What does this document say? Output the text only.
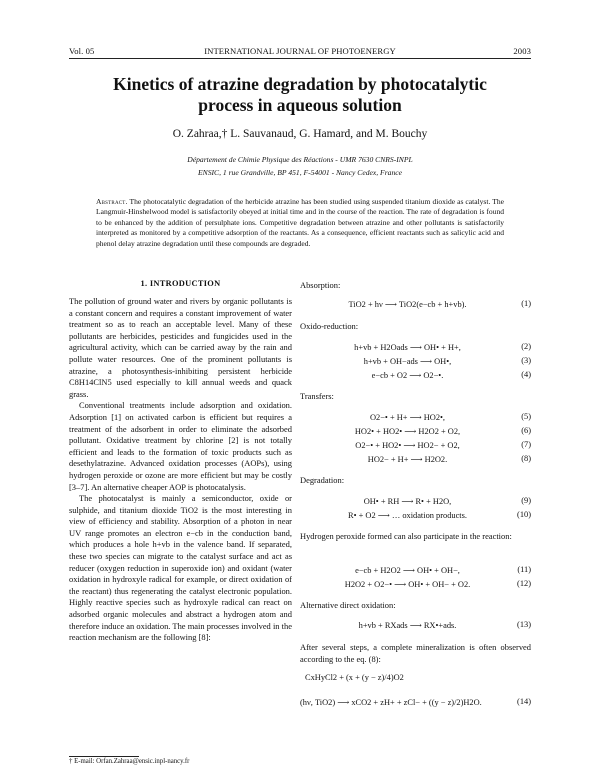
Vol. 05	INTERNATIONAL JOURNAL OF PHOTOENERGY	2003
Kinetics of atrazine degradation by photocatalytic
process in aqueous solution
O. Zahraa,† L. Sauvanaud, G. Hamard, and M. Bouchy
Département de Chimie Physique des Réactions - UMR 7630 CNRS-INPL
ENSIC, 1 rue Grandville, BP 451, F-54001 - Nancy Cedex, France
Abstract. The photocatalytic degradation of the herbicide atrazine has been studied using suspended titanium dioxide as catalyst. The Langmuir-Hinshelwood model is satisfactorily obeyed at initial time and in the course of the reaction. The rate of degradation is found to be enhanced by the addition of persulphate ions. Competitive degradation between atrazine and other pollutants is satisfactorily interpreted as monitored by a competitive adsorption of the reactants. As a consequence, efficient reactants such as salicylic acid and phenol delay atrazine degradation until these compounds are degraded.
1. INTRODUCTION

The pollution of ground water and rivers by organic pollutants is a constant concern and requires a constant improvement of water treatment so as to reach an acceptable level. Many of these pollutants are herbicides, pesticides and fungicides used in the agricultural activity, which can be carried away by the rain and pollute water resources. One of the prominent pollutants is atrazine, a photosynthesis-inhibiting persistent herbicide C8H14ClN5 used especially to kill annual weeds and quack grass.

Conventional treatments include adsorption and oxidation. Adsorption [1] on activated carbon is efficient but requires a treatment of the adsorbent in order to eliminate the adsorbed pollutant. Oxidative treatment by chlorine [2] is not totally efficient and leads to the formation of toxic products such as desethylatrazine. Advanced oxidation processes (AOPs), using hydrogen peroxide or ozone are more efficient but may be costly [3–7]. An alternative cheaper AOP is photocatalysis.

The photocatalyst is mainly a semiconductor, oxide or sulphide, and titanium dioxide TiO2 is the most interesting in view of efficiency and stability. Absorption of a photon in near UV range promotes an electron e−cb in the conduction band, which produces a hole h+vb in the valence band. If separated, these two species can migrate to the catalyst surface and act as reducer (oxygen reduction in superoxide ion) and oxidant (water oxidation in hydroxyle radical for example, or direct oxidation of the reactant) thus regenerating the catalyst electronic population. Highly reactive species such as hydroxyle radical can react on adsorbed organic molecules and abstract a hydrogen atom and therefore induce an oxidation. The main processes involved in the reaction mechanism are the following [8]:

† E-mail: Orfan.Zahraa@ensic.inpl-nancy.fr
Absorption:
TiO2 + hν ⟶ TiO2(e−cb + h+vb).	(1)
Oxido-reduction:
h+vb + H2Oads ⟶ OH• + H+,	(2)
h+vb + OH−ads ⟶ OH•,	(3)
e−cb + O2 ⟶ O2−•.	(4)
Transfers:
O2−• + H+ ⟶ HO2•,	(5)
HO2• + HO2• ⟶ H2O2 + O2,	(6)
O2−• + HO2• ⟶ HO2− + O2,	(7)
HO2− + H+ ⟶ H2O2.	(8)
Degradation:
OH• + RH ⟶ R• + H2O,	(9)
R• + O2 ⟶ … oxidation products.	(10)
Hydrogen peroxide formed can also participate in the reaction:
e−cb + H2O2 ⟶ OH• + OH−,	(11)
H2O2 + O2−• ⟶ OH• + OH− + O2.	(12)
Alternative direct oxidation:
h+vb + RXads ⟶ RX•+ads.	(13)
After several steps, a complete mineralization is often observed according to the eq. (8):
CxHyCl2 + (x + (y − z)/4)O2
(hν, TiO2) ⟶ xCO2 + zH+ + zCl− + ((y − z)/2)H2O.	(14)
